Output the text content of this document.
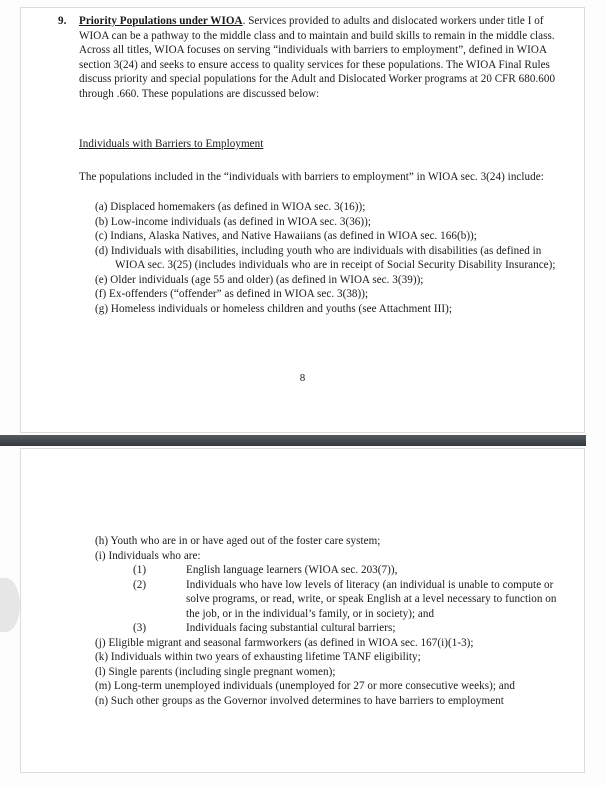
9.	Priority Populations under WIOA. Services provided to adults and dislocated workers under title I of WIOA can be a pathway to the middle class and to maintain and build skills to remain in the middle class. Across all titles, WIOA focuses on serving “individuals with barriers to employment”, defined in WIOA section 3(24) and seeks to ensure access to quality services for these populations. The WIOA Final Rules discuss priority and special populations for the Adult and Dislocated Worker programs at 20 CFR 680.600 through .660. These populations are discussed below:
Individuals with Barriers to Employment
The populations included in the “individuals with barriers to employment” in WIOA sec. 3(24) include:
(a) Displaced homemakers (as defined in WIOA sec. 3(16));
(b) Low-income individuals (as defined in WIOA sec. 3(36));
(c) Indians, Alaska Natives, and Native Hawaiians (as defined in WIOA sec. 166(b));
(d) Individuals with disabilities, including youth who are individuals with disabilities (as defined in WIOA sec. 3(25) (includes individuals who are in receipt of Social Security Disability Insurance);
(e) Older individuals (age 55 and older) (as defined in WIOA sec. 3(39));
(f) Ex-offenders (“offender” as defined in WIOA sec. 3(38));
(g) Homeless individuals or homeless children and youths (see Attachment III);
8
(h) Youth who are in or have aged out of the foster care system;
(i) Individuals who are:
(1)	English language learners (WIOA sec. 203(7)),
(2)	Individuals who have low levels of literacy (an individual is unable to compute or solve programs, or read, write, or speak English at a level necessary to function on the job, or in the individual’s family, or in society); and
(3)	Individuals facing substantial cultural barriers;
(j) Eligible migrant and seasonal farmworkers (as defined in WIOA sec. 167(i)(1-3);
(k) Individuals within two years of exhausting lifetime TANF eligibility;
(l) Single parents (including single pregnant women);
(m) Long-term unemployed individuals (unemployed for 27 or more consecutive weeks); and
(n) Such other groups as the Governor involved determines to have barriers to employment
